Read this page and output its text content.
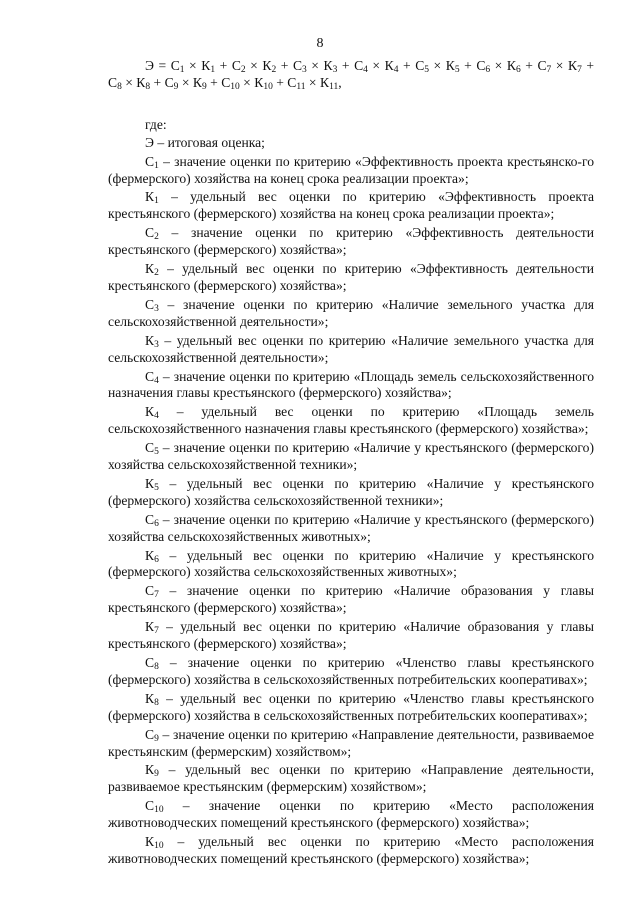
8

$Э = С_1 \times К_1 + С_2 \times К_2 + С_3 \times К_3 + С_4 \times К_4 + С_5 \times К_5 + С_6 \times К_6 + С_7 \times К_7 + С_8 \times К_8 + С_9 \times К_9 + С_{10} \times К_{10} + С_{11} \times К_{11}$,

где:

Э – итоговая оценка;

$С_1$ – значение оценки по критерию «Эффективность проекта крестьянско-го (фермерского) хозяйства на конец срока реализации проекта»;

$К_1$ – удельный вес оценки по критерию «Эффективность проекта крестьянского (фермерского) хозяйства на конец срока реализации проекта»;

$С_2$ – значение оценки по критерию «Эффективность деятельности крестьянского (фермерского) хозяйства»;

$К_2$ – удельный вес оценки по критерию «Эффективность деятельности крестьянского (фермерского) хозяйства»;

$С_3$ – значение оценки по критерию «Наличие земельного участка для сельскохозяйственной деятельности»;

$К_3$ – удельный вес оценки по критерию «Наличие земельного участка для сельскохозяйственной деятельности»;

$С_4$ – значение оценки по критерию «Площадь земель сельскохозяйственного назначения главы крестьянского (фермерского) хозяйства»;

$К_4$ – удельный вес оценки по критерию «Площадь земель сельскохозяйственного назначения главы крестьянского (фермерского) хозяйства»;

$С_5$ – значение оценки по критерию «Наличие у крестьянского (фермерского) хозяйства сельскохозяйственной техники»;

$К_5$ – удельный вес оценки по критерию «Наличие у крестьянского (фермерского) хозяйства сельскохозяйственной техники»;

$С_6$ – значение оценки по критерию «Наличие у крестьянского (фермерского) хозяйства сельскохозяйственных животных»;

$К_6$ – удельный вес оценки по критерию «Наличие у крестьянского (фермерского) хозяйства сельскохозяйственных животных»;

$С_7$ – значение оценки по критерию «Наличие образования у главы крестьянского (фермерского) хозяйства»;

$К_7$ – удельный вес оценки по критерию «Наличие образования у главы крестьянского (фермерского) хозяйства»;

$С_8$ – значение оценки по критерию «Членство главы крестьянского (фермерского) хозяйства в сельскохозяйственных потребительских кооперативах»;

$К_8$ – удельный вес оценки по критерию «Членство главы крестьянского (фермерского) хозяйства в сельскохозяйственных потребительских кооперативах»;

$С_9$ – значение оценки по критерию «Направление деятельности, развиваемое крестьянским (фермерским) хозяйством»;

$К_9$ – удельный вес оценки по критерию «Направление деятельности, развиваемое крестьянским (фермерским) хозяйством»;

$С_{10}$ – значение оценки по критерию «Место расположения животноводческих помещений крестьянского (фермерского) хозяйства»;

$К_{10}$ – удельный вес оценки по критерию «Место расположения животноводческих помещений крестьянского (фермерского) хозяйства»;
